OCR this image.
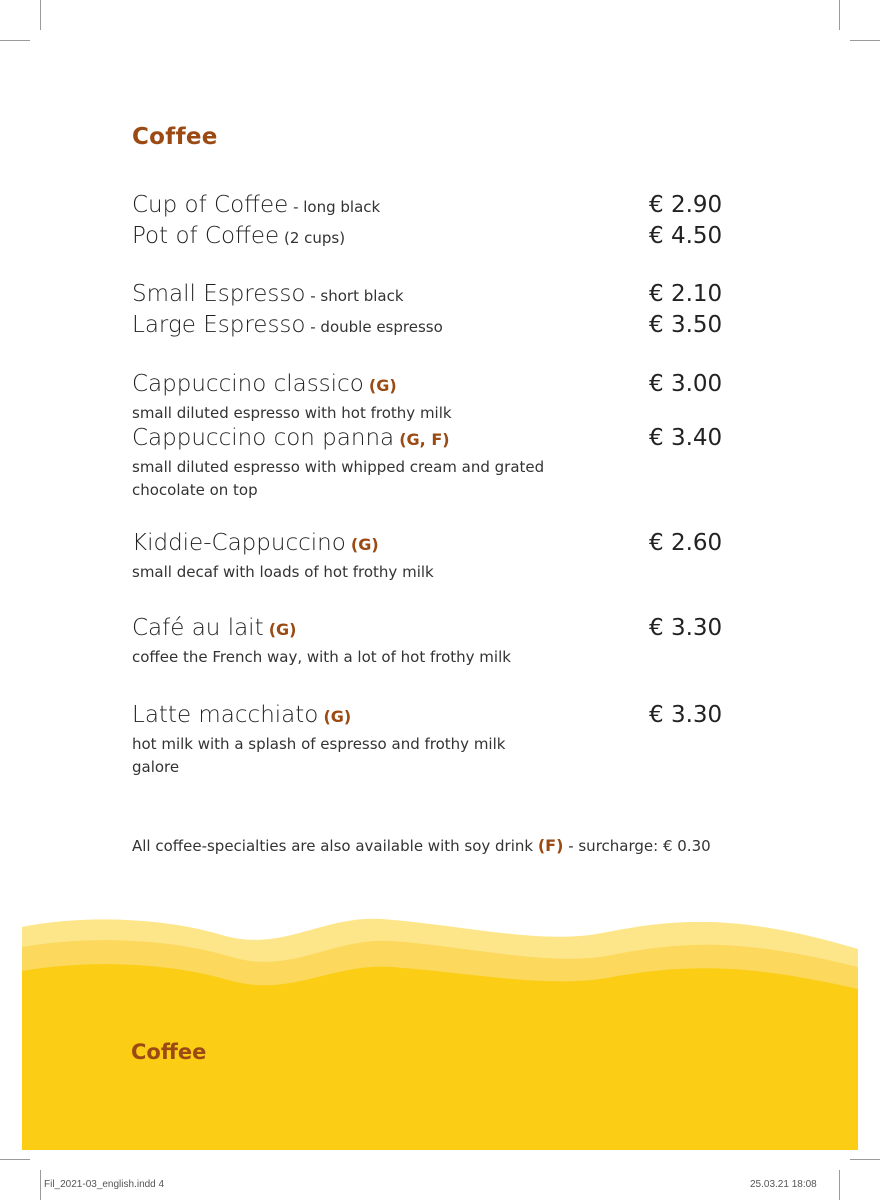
Coffee
Cup of Coffee - long black	€ 2.90
Pot of Coffee (2 cups)	€ 4.50
Small Espresso - short black	€ 2.10
Large Espresso - double espresso	€ 3.50
Cappuccino classico (G)	€ 3.00
small diluted espresso with hot frothy milk
Cappuccino con panna (G, F)	€ 3.40
small diluted espresso with whipped cream and grated chocolate on top
Kiddie-Cappuccino (G)	€ 2.60
small decaf with loads of hot frothy milk
Café au lait (G)	€ 3.30
coffee the French way, with a lot of hot frothy milk
Latte macchiato (G)	€ 3.30
hot milk with a splash of espresso and frothy milk galore
All coffee-specialties are also available with soy drink (F) - surcharge: € 0.30
Coffee
Fil_2021-03_english.indd 4	25.03.21 18:08
